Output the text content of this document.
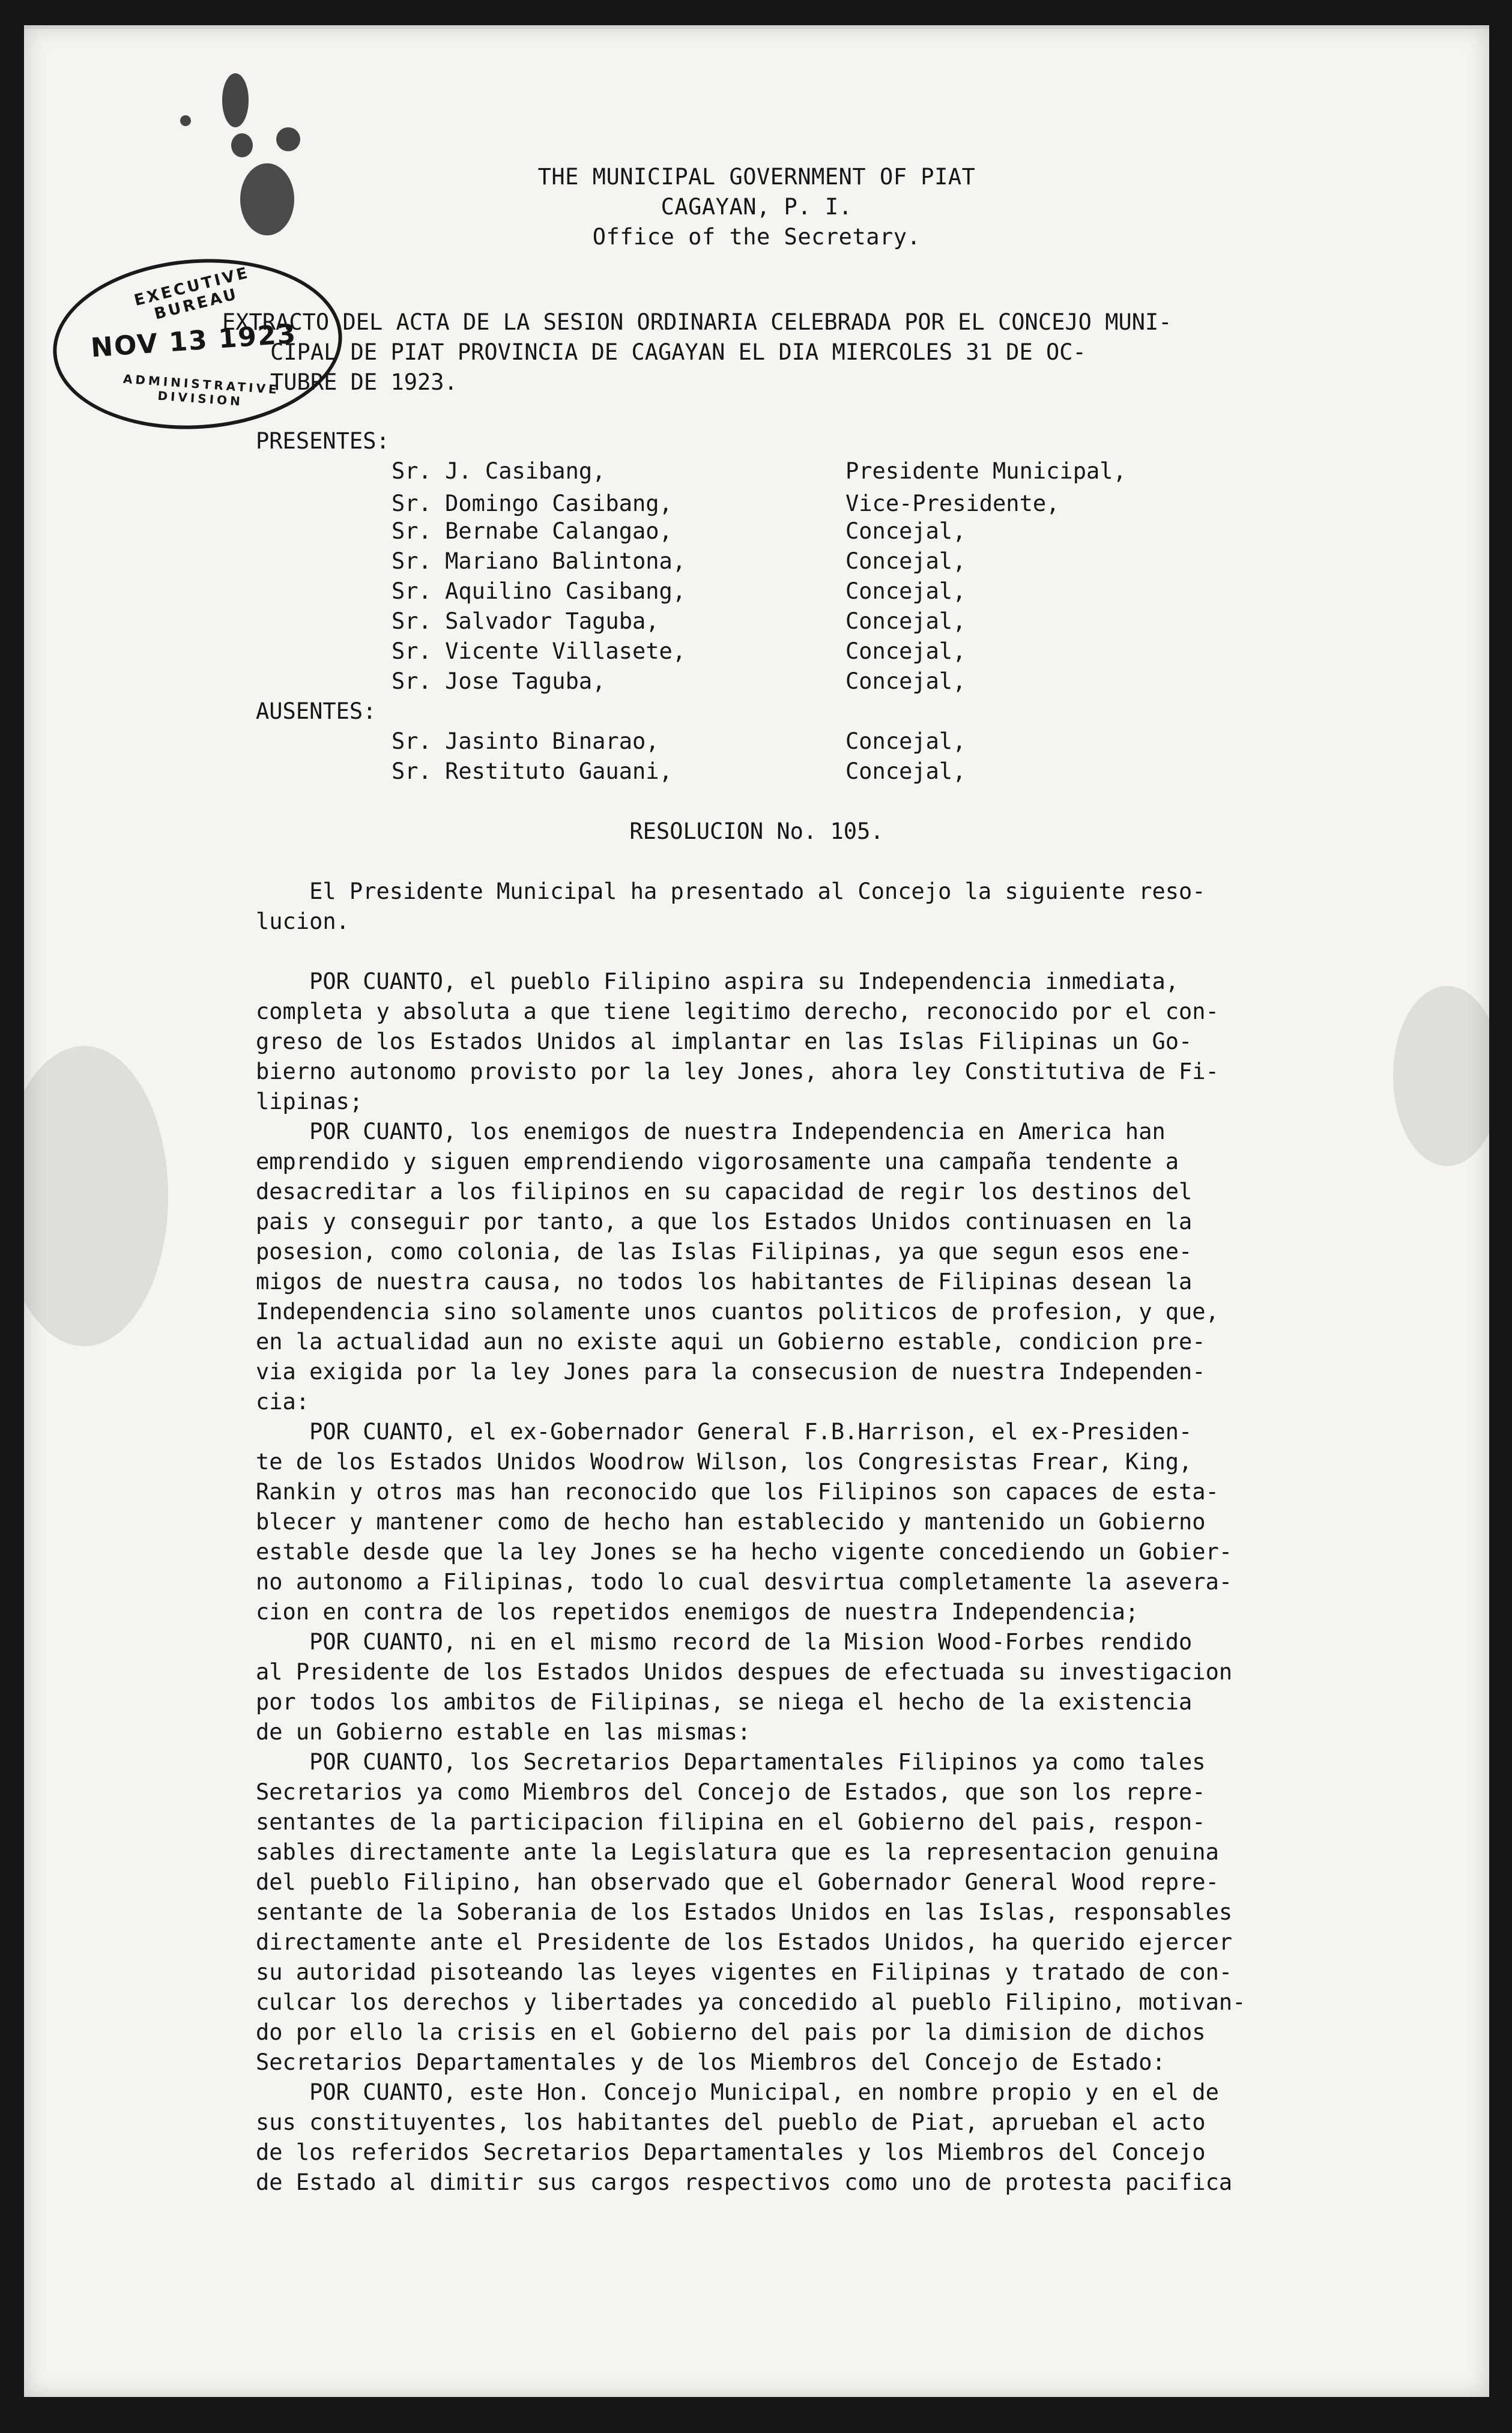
THE MUNICIPAL GOVERNMENT OF PIAT
CAGAYAN, P. I.
Office of the Secretary.
EXECUTIVE BUREAU
NOV 13 1923
ADMINISTRATIVE DIVISION
EXTRACTO DEL ACTA DE LA SESION ORDINARIA CELEBRADA POR EL CONCEJO MUNI-
CIPAL DE PIAT PROVINCIA DE CAGAYAN EL DIA MIERCOLES 31 DE OC-
TUBRE DE 1923.
PRESENTES:
Sr. J. Casibang,	Presidente Municipal,
Sr. Domingo Casibang,	Vice-Presidente,
Sr. Bernabe Calangao,	Concejal,
Sr. Mariano Balintona,	Concejal,
Sr. Aquilino Casibang,	Concejal,
Sr. Salvador Taguba,	Concejal,
Sr. Vicente Villasete,	Concejal,
Sr. Jose Taguba,	Concejal,
AUSENTES:
Sr. Jasinto Binarao,	Concejal,
Sr. Restituto Gauani,	Concejal,
RESOLUCION No. 105.
El Presidente Municipal ha presentado al Concejo la siguiente reso-
lucion.
POR CUANTO, el pueblo Filipino aspira su Independencia inmediata,
completa y absoluta a que tiene legitimo derecho, reconocido por el con-
greso de los Estados Unidos al implantar en las Islas Filipinas un Go-
bierno autonomo provisto por la ley Jones, ahora ley Constitutiva de Fi-
lipinas;
POR CUANTO, los enemigos de nuestra Independencia en America han
emprendido y siguen emprendiendo vigorosamente una campaña tendente a
desacreditar a los filipinos en su capacidad de regir los destinos del
pais y conseguir por tanto, a que los Estados Unidos continuasen en la
posesion, como colonia, de las Islas Filipinas, ya que segun esos ene-
migos de nuestra causa, no todos los habitantes de Filipinas desean la
Independencia sino solamente unos cuantos politicos de profesion, y que,
en la actualidad aun no existe aqui un Gobierno estable, condicion pre-
via exigida por la ley Jones para la consecusion de nuestra Independen-
cia:
POR CUANTO, el ex-Gobernador General F.B.Harrison, el ex-Presiden-
te de los Estados Unidos Woodrow Wilson, los Congresistas Frear, King,
Rankin y otros mas han reconocido que los Filipinos son capaces de esta-
blecer y mantener como de hecho han establecido y mantenido un Gobierno
estable desde que la ley Jones se ha hecho vigente concediendo un Gobier-
no autonomo a Filipinas, todo lo cual desvirtua completamente la asevera-
cion en contra de los repetidos enemigos de nuestra Independencia;
POR CUANTO, ni en el mismo record de la Mision Wood-Forbes rendido
al Presidente de los Estados Unidos despues de efectuada su investigacion
por todos los ambitos de Filipinas, se niega el hecho de la existencia
de un Gobierno estable en las mismas:
POR CUANTO, los Secretarios Departamentales Filipinos ya como tales
Secretarios ya como Miembros del Concejo de Estados, que son los repre-
sentantes de la participacion filipina en el Gobierno del pais, respon-
sables directamente ante la Legislatura que es la representacion genuina
del pueblo Filipino, han observado que el Gobernador General Wood repre-
sentante de la Soberania de los Estados Unidos en las Islas, responsables
directamente ante el Presidente de los Estados Unidos, ha querido ejercer
su autoridad pisoteando las leyes vigentes en Filipinas y tratado de con-
culcar los derechos y libertades ya concedido al pueblo Filipino, motivan-
do por ello la crisis en el Gobierno del pais por la dimision de dichos
Secretarios Departamentales y de los Miembros del Concejo de Estado:
POR CUANTO, este Hon. Concejo Municipal, en nombre propio y en el de
sus constituyentes, los habitantes del pueblo de Piat, aprueban el acto
de los referidos Secretarios Departamentales y los Miembros del Concejo
de Estado al dimitir sus cargos respectivos como uno de protesta pacifica
